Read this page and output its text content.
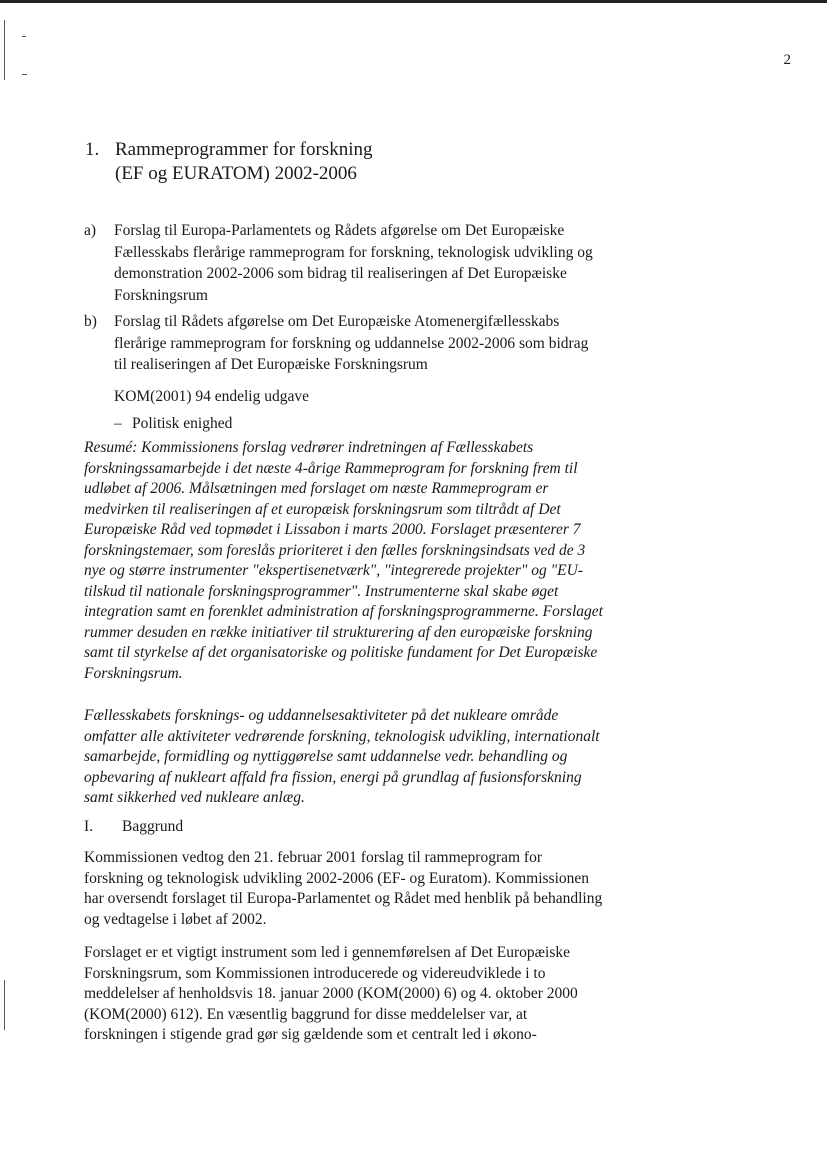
2
1. Rammeprogrammer for forskning
(EF og EURATOM) 2002-2006
a)	Forslag til Europa-Parlamentets og Rådets afgørelse om Det Europæiske Fællesskabs flerårige rammeprogram for forskning, teknologisk udvikling og demonstration 2002-2006 som bidrag til realiseringen af Det Europæiske Forskningsrum
b)	Forslag til Rådets afgørelse om Det Europæiske Atomenergifællesskabs flerårige rammeprogram for forskning og uddannelse 2002-2006 som bidrag til realiseringen af Det Europæiske Forskningsrum
KOM(2001) 94 endelig udgave
– Politisk enighed
Resumé: Kommissionens forslag vedrører indretningen af Fællesskabets forskningssamarbejde i det næste 4-årige Rammeprogram for forskning frem til udløbet af 2006. Målsætningen med forslaget om næste Rammeprogram er medvirken til realiseringen af et europæisk forskningsrum som tiltrådt af Det Europæiske Råd ved topmødet i Lissabon i marts 2000. Forslaget præsenterer 7 forskningstemaer, som foreslås prioriteret i den fælles forskningsindsats ved de 3 nye og større instrumenter "ekspertisenetværk", "integrerede projekter" og "EU-tilskud til nationale forskningsprogrammer". Instrumenterne skal skabe øget integration samt en forenklet administration af forskningsprogrammerne. Forslaget rummer desuden en række initiativer til strukturering af den europæiske forskning samt til styrkelse af det organisatoriske og politiske fundament for Det Europæiske Forskningsrum.
Fællesskabets forsknings- og uddannelsesaktiviteter på det nukleare område omfatter alle aktiviteter vedrørende forskning, teknologisk udvikling, internationalt samarbejde, formidling og nyttiggørelse samt uddannelse vedr. behandling og opbevaring af nukleart affald fra fission, energi på grundlag af fusionsforskning samt sikkerhed ved nukleare anlæg.
I.	Baggrund
Kommissionen vedtog den 21. februar 2001 forslag til rammeprogram for forskning og teknologisk udvikling 2002-2006 (EF- og Euratom). Kommissionen har oversendt forslaget til Europa-Parlamentet og Rådet med henblik på behandling og vedtagelse i løbet af 2002.
Forslaget er et vigtigt instrument som led i gennemførelsen af Det Europæiske Forskningsrum, som Kommissionen introducerede og videreudviklede i to meddelelser af henholdsvis 18. januar 2000 (KOM(2000) 6) og 4. oktober 2000 (KOM(2000) 612). En væsentlig baggrund for disse meddelelser var, at forskningen i stigende grad gør sig gældende som et centralt led i økono-
